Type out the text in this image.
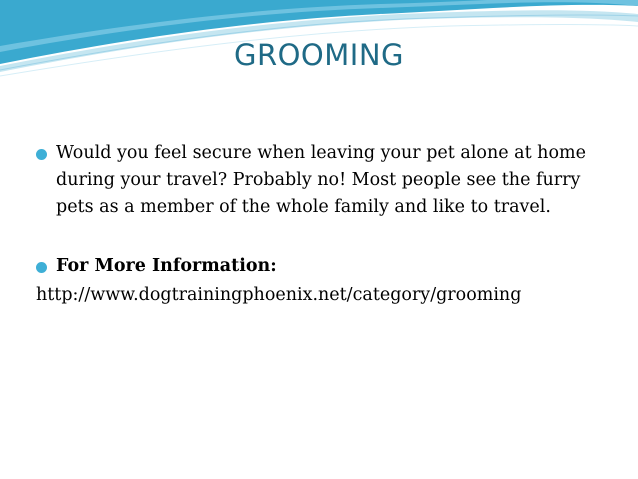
GROOMING
Would you feel secure when leaving your pet alone at home during your travel? Probably no! Most people see the furry pets as a member of the whole family and like to travel.
For More Information:
http://www.dogtrainingphoenix.net/category/grooming
